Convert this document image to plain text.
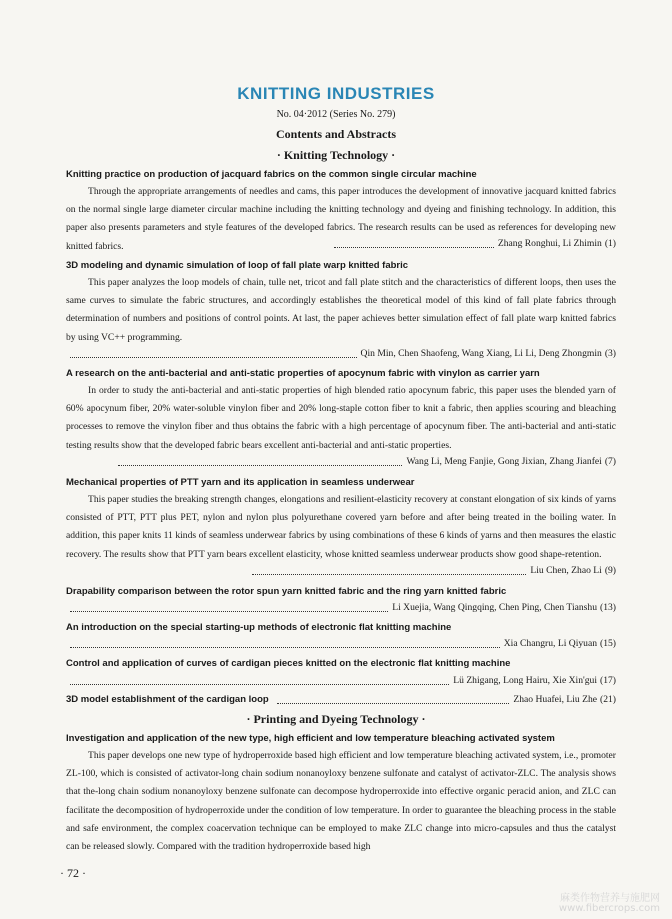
KNITTING INDUSTRIES
No. 04·2012 (Series No. 279)
Contents and Abstracts
· Knitting Technology ·
Knitting practice on production of jacquard fabrics on the common single circular machine

Through the appropriate arrangements of needles and cams, this paper introduces the development of innovative jacquard knitted fabrics on the normal single large diameter circular machine including the knitting technology and dyeing and finishing technology. In addition, this paper also presents parameters and style features of the developed fabrics. The research results can be used as references for developing new knitted fabrics.	Zhang Ronghui, Li Zhimin (1)
3D modeling and dynamic simulation of loop of fall plate warp knitted fabric

This paper analyzes the loop models of chain, tulle net, tricot and fall plate stitch and the characteristics of different loops, then uses the same curves to simulate the fabric structures, and accordingly establishes the theoretical model of this kind of fall plate fabrics through determination of numbers and positions of control points. At last, the paper achieves better simulation effect of fall plate warp knitted fabrics by using VC++ programming.

Qin Min, Chen Shaofeng, Wang Xiang, Li Li, Deng Zhongmin (3)
A research on the anti-bacterial and anti-static properties of apocynum fabric with vinylon as carrier yarn

In order to study the anti-bacterial and anti-static properties of high blended ratio apocynum fabric, this paper uses the blended yarn of 60% apocynum fiber, 20% water-soluble vinylon fiber and 20% long-staple cotton fiber to knit a fabric, then applies scouring and bleaching processes to remove the vinylon fiber and thus obtains the fabric with a high percentage of apocynum fiber. The anti-bacterial and anti-static testing results show that the developed fabric bears excellent anti-bacterial and anti-static properties.

Wang Li, Meng Fanjie, Gong Jixian, Zhang Jianfei (7)
Mechanical properties of PTT yarn and its application in seamless underwear

This paper studies the breaking strength changes, elongations and resilient-elasticity recovery at constant elongation of six kinds of yarns consisted of PTT, PTT plus PET, nylon and nylon plus polyurethane covered yarn before and after being treated in the boiling water. In addition, this paper knits 11 kinds of seamless underwear fabrics by using combinations of these 6 kinds of yarns and then measures the elastic recovery. The results show that PTT yarn bears excellent elasticity, whose knitted seamless underwear products show good shape-retention.

Liu Chen, Zhao Li (9)
Drapability comparison between the rotor spun yarn knitted fabric and the ring yarn knitted fabric
Li Xuejia, Wang Qingqing, Chen Ping, Chen Tianshu (13)
An introduction on the special starting-up methods of electronic flat knitting machine
Xia Changru, Li Qiyuan (15)
Control and application of curves of cardigan pieces knitted on the electronic flat knitting machine
Lü Zhigang, Long Hairu, Xie Xin'gui (17)
3D model establishment of the cardigan loop	Zhao Huafei, Liu Zhe (21)
· Printing and Dyeing Technology ·
Investigation and application of the new type, high efficient and low temperature bleaching activated system

This paper develops one new type of hydroperroxide based high efficient and low temperature bleaching activated system, i.e., promoter ZL-100, which is consisted of activator-long chain sodium nonanoyloxy benzene sulfonate and catalyst of activator-ZLC. The analysis shows that the-long chain sodium nonanoyloxy benzene sulfonate can decompose hydroperroxide into effective organic peracid anion, and ZLC can facilitate the decomposition of hydroperroxide under the condition of low temperature. In order to guarantee the bleaching process in the stable and safe environment, the complex coacervation technique can be employed to make ZLC change into micro-capsules and thus the catalyst can be released slowly. Compared with the tradition hydroperroxide based high

· 72 ·
麻类作物营养与施肥网
www.fibercrops.com
